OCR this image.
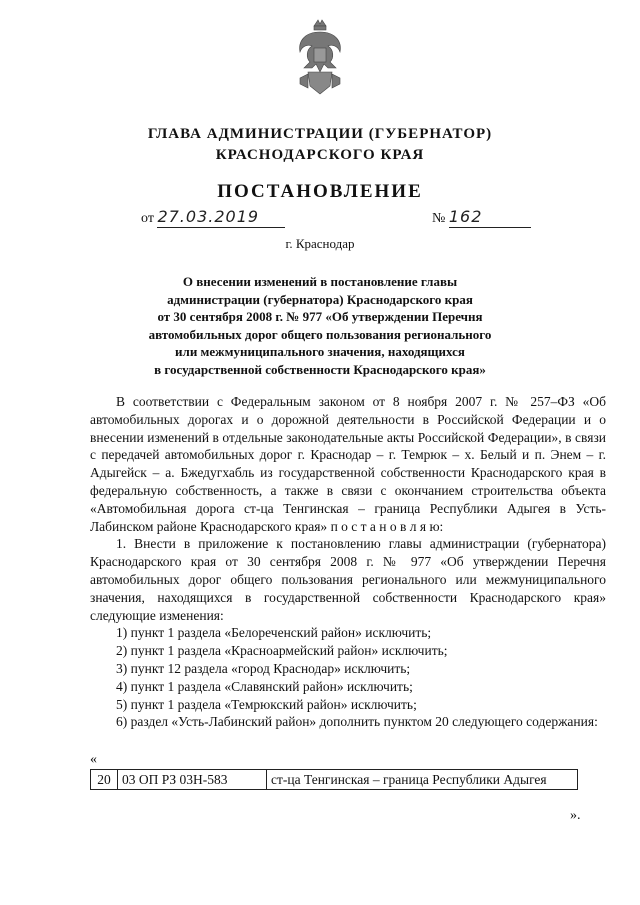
ГЛАВА АДМИНИСТРАЦИИ (ГУБЕРНАТОР)
КРАСНОДАРСКОГО КРАЯ
ПОСТАНОВЛЕНИЕ
от 27.03.2019	№ 162
г. Краснодар
О внесении изменений в постановление главы
администрации (губернатора) Краснодарского края
от 30 сентября 2008 г. № 977 «Об утверждении Перечня
автомобильных дорог общего пользования регионального
или межмуниципального значения, находящихся
в государственной собственности Краснодарского края»

В соответствии с Федеральным законом от 8 ноября 2007 г. № 257–ФЗ «Об автомобильных дорогах и о дорожной деятельности в Российской Федерации и о внесении изменений в отдельные законодательные акты Российской Федерации», в связи с передачей автомобильных дорог г. Краснодар – г. Темрюк – х. Белый и п. Энем – г. Адыгейск – а. Бжедугхабль из государственной собственности Краснодарского края в федеральную собственность, а также в связи с окончанием строительства объекта «Автомобильная дорога ст-ца Тенгинская – граница Республики Адыгея в Усть-Лабинском районе Краснодарского края» п о с т а н о в л я ю:

1. Внести в приложение к постановлению главы администрации (губернатора) Краснодарского края от 30 сентября 2008 г. № 977 «Об утверждении Перечня автомобильных дорог общего пользования регионального или межмуниципального значения, находящихся в государственной собственности Краснодарского края» следующие изменения:

1) пункт 1 раздела «Белореченский район» исключить;

2) пункт 1 раздела «Красноармейский район» исключить;

3) пункт 12 раздела «город Краснодар» исключить;

4) пункт 1 раздела «Славянский район» исключить;

5) пункт 1 раздела «Темрюкский район» исключить;

6) раздел «Усть-Лабинский район» дополнить пунктом 20 следующего содержания:

«
20	03 ОП РЗ 03Н-583	ст-ца Тенгинская – граница Республики Адыгея
».
